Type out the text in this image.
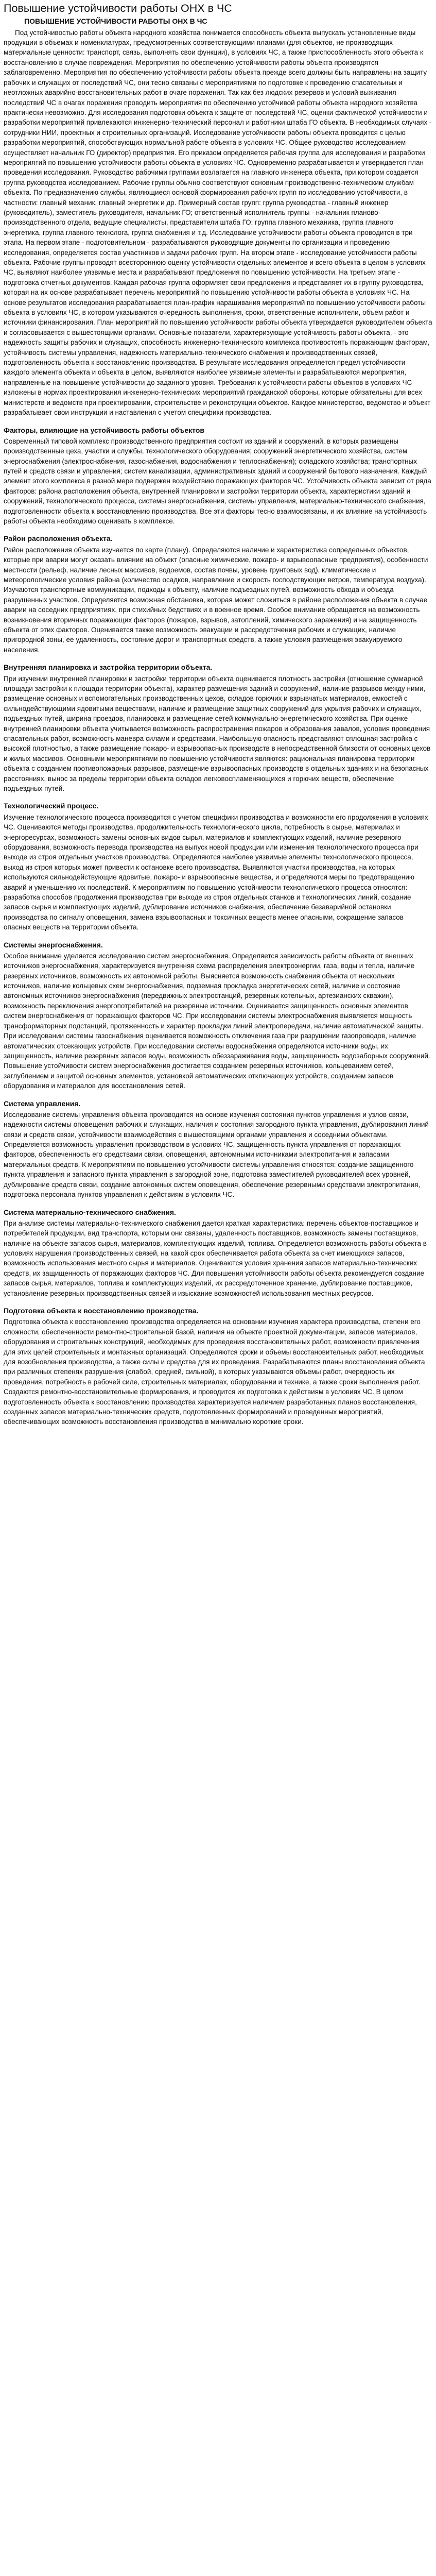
Повышение устойчивости работы ОНХ в ЧС
ПОВЫШЕНИЕ УСТОЙЧИВОСТИ РАБОТЫ ОНХ В ЧС

Под устойчивостью работы объекта народного хозяйства понимается способность объекта выпускать установленные виды продукции в объемах и номенклатурах, предусмотренных соответствующими планами (для объектов, не производящих материальные ценности: транспорт, связь, выполнять свои функции), в условиях ЧС, а также приспособленность этого объекта к восстановлению в случае повреждения. Мероприятия по обеспечению устойчивости работы объекта производятся заблаговременно. Мероприятия по обеспечению устойчивости работы объекта прежде всего должны быть направлены на защиту рабочих и служащих от последствий ЧС, они тесно связаны с мероприятиями по подготовке к проведению спасательных и неотложных аварийно-восстановительных работ в очаге поражения. Так как без людских резервов и условий выживания последствий ЧС в очагах поражения проводить мероприятия по обеспечению устойчивой работы объекта народного хозяйства практически невозможно. Для исследования подготовки объекта к защите от последствий ЧС, оценки фактической устойчивости и разработки мероприятий привлекаются инженерно-технический персонал и работники штаба ГО объекта. В необходимых случаях - сотрудники НИИ, проектных и строительных организаций. Исследование устойчивости работы объекта проводится с целью разработки мероприятий, способствующих нормальной работе объекта в условиях ЧС. Общее руководство исследованием осуществляет начальник ГО (директор) предприятия. Его приказом определяется рабочая группа для исследования и разработки мероприятий по повышению устойчивости работы объекта в условиях ЧС. Одновременно разрабатывается и утверждается план проведения исследования. Руководство рабочими группами возлагается на главного инженера объекта, при котором создается группа руководства исследованием. Рабочие группы обычно соответствуют основным производственно-техническим службам объекта. По предназначению службы, являющиеся основой формирования рабочих групп по исследованию устойчивости, в частности: главный механик, главный энергетик и др. Примерный состав групп: группа руководства - главный инженер (руководитель), заместитель руководителя, начальник ГО; ответственный исполнитель группы - начальник планово-производственного отдела, ведущие специалисты, представители штаба ГО; группа главного механика, группа главного энергетика, группа главного технолога, группа снабжения и т.д. Исследование устойчивости работы объекта проводится в три этапа. На первом этапе - подготовительном - разрабатываются руководящие документы по организации и проведению исследования, определяется состав участников и задачи рабочих групп. На втором этапе - исследование устойчивости работы объекта. Рабочие группы проводят всестороннюю оценку устойчивости отдельных элементов и всего объекта в целом в условиях ЧС, выявляют наиболее уязвимые места и разрабатывают предложения по повышению устойчивости. На третьем этапе - подготовка отчетных документов. Каждая рабочая группа оформляет свои предложения и представляет их в группу руководства, которая на их основе разрабатывает перечень мероприятий по повышению устойчивости работы объекта в условиях ЧС. На основе результатов исследования разрабатывается план-график наращивания мероприятий по повышению устойчивости работы объекта в условиях ЧС, в котором указываются очередность выполнения, сроки, ответственные исполнители, объем работ и источники финансирования. План мероприятий по повышению устойчивости работы объекта утверждается руководителем объекта и согласовывается с вышестоящими органами. Основные показатели, характеризующие устойчивость работы объекта, - это надежность защиты рабочих и служащих, способность инженерно-технического комплекса противостоять поражающим факторам, устойчивость системы управления, надежность материально-технического снабжения и производственных связей, подготовленность объекта к восстановлению производства. В результате исследования определяется предел устойчивости каждого элемента объекта и объекта в целом, выявляются наиболее уязвимые элементы и разрабатываются мероприятия, направленные на повышение устойчивости до заданного уровня. Требования к устойчивости работы объектов в условиях ЧС изложены в нормах проектирования инженерно-технических мероприятий гражданской обороны, которые обязательны для всех министерств и ведомств при проектировании, строительстве и реконструкции объектов. Каждое министерство, ведомство и объект разрабатывает свои инструкции и наставления с учетом специфики производства.

Факторы, влияющие на устойчивость работы объектов

Современный типовой комплекс производственного предприятия состоит из зданий и сооружений, в которых размещены производственные цеха, участки и службы, технологического оборудования; сооружений энергетического хозяйства, систем энергоснабжения (электроснабжения, газоснабжения, водоснабжения и теплоснабжения); складского хозяйства; транспортных путей и средств связи и управления; систем канализации, административных зданий и сооружений бытового назначения. Каждый элемент этого комплекса в разной мере подвержен воздействию поражающих факторов ЧС. Устойчивость объекта зависит от ряда факторов: района расположения объекта, внутренней планировки и застройки территории объекта, характеристики зданий и сооружений, технологического процесса, системы энергоснабжения, системы управления, материально-технического снабжения, подготовленности объекта к восстановлению производства. Все эти факторы тесно взаимосвязаны, и их влияние на устойчивость работы объекта необходимо оценивать в комплексе.

Район расположения объекта.

Район расположения объекта изучается по карте (плану). Определяются наличие и характеристика сопредельных объектов, которые при аварии могут оказать влияние на объект (опасные химические, пожаро- и взрывоопасные предприятия), особенности местности (рельеф, наличие лесных массивов, водоемов, состав почвы, уровень грунтовых вод), климатические и метеорологические условия района (количество осадков, направление и скорость господствующих ветров, температура воздуха). Изучаются транспортные коммуникации, подходы к объекту, наличие подъездных путей, возможность обхода и объезда разрушенных участков. Определяется возможная обстановка, которая может сложиться в районе расположения объекта в случае аварии на соседних предприятиях, при стихийных бедствиях и в военное время. Особое внимание обращается на возможность возникновения вторичных поражающих факторов (пожаров, взрывов, затоплений, химического заражения) и на защищенность объекта от этих факторов. Оценивается также возможность эвакуации и рассредоточения рабочих и служащих, наличие пригородной зоны, ее удаленность, состояние дорог и транспортных средств, а также условия размещения эвакуируемого населения.

Внутренняя планировка и застройка территории объекта.

При изучении внутренней планировки и застройки территории объекта оценивается плотность застройки (отношение суммарной площади застройки к площади территории объекта), характер размещения зданий и сооружений, наличие разрывов между ними, размещение основных и вспомогательных производственных цехов, складов горючих и взрывчатых материалов, емкостей с сильнодействующими ядовитыми веществами, наличие и размещение защитных сооружений для укрытия рабочих и служащих, подъездных путей, ширина проездов, планировка и размещение сетей коммунально-энергетического хозяйства. При оценке внутренней планировки объекта учитывается возможность распространения пожаров и образования завалов, условия проведения спасательных работ, возможность маневра силами и средствами. Наибольшую опасность представляют сплошная застройка с высокой плотностью, а также размещение пожаро- и взрывоопасных производств в непосредственной близости от основных цехов и жилых массивов. Основными мероприятиями по повышению устойчивости являются: рациональная планировка территории объекта с созданием противопожарных разрывов, размещение взрывоопасных производств в отдельных зданиях и на безопасных расстояниях, вынос за пределы территории объекта складов легковоспламеняющихся и горючих веществ, обеспечение подъездных путей.

Технологический процесс.

Изучение технологического процесса производится с учетом специфики производства и возможности его продолжения в условиях ЧС. Оцениваются методы производства, продолжительность технологического цикла, потребность в сырье, материалах и энергоресурсах, возможность замены основных видов сырья, материалов и комплектующих изделий, наличие резервного оборудования, возможность перевода производства на выпуск новой продукции или изменения технологического процесса при выходе из строя отдельных участков производства. Определяются наиболее уязвимые элементы технологического процесса, выход из строя которых может привести к остановке всего производства. Выявляются участки производства, на которых используются сильнодействующие ядовитые, пожаро- и взрывоопасные вещества, и определяются меры по предотвращению аварий и уменьшению их последствий. К мероприятиям по повышению устойчивости технологического процесса относятся: разработка способов продолжения производства при выходе из строя отдельных станков и технологических линий, создание запасов сырья и комплектующих изделий, дублирование источников снабжения, обеспечение безаварийной остановки производства по сигналу оповещения, замена взрывоопасных и токсичных веществ менее опасными, сокращение запасов опасных веществ на территории объекта.

Системы энергоснабжения.

Особое внимание уделяется исследованию систем энергоснабжения. Определяется зависимость работы объекта от внешних источников энергоснабжения, характеризуется внутренняя схема распределения электроэнергии, газа, воды и тепла, наличие резервных источников, возможность их автономной работы. Выясняется возможность снабжения объекта от нескольких источников, наличие кольцевых схем энергоснабжения, подземная прокладка энергетических сетей, наличие и состояние автономных источников энергоснабжения (передвижных электростанций, резервных котельных, артезианских скважин), возможность переключения энергопотребителей на резервные источники. Оценивается защищенность основных элементов систем энергоснабжения от поражающих факторов ЧС. При исследовании системы электроснабжения выявляется мощность трансформаторных подстанций, протяженность и характер прокладки линий электропередачи, наличие автоматической защиты. При исследовании системы газоснабжения оценивается возможность отключения газа при разрушении газопроводов, наличие автоматических отсекающих устройств. При исследовании системы водоснабжения определяются источники воды, их защищенность, наличие резервных запасов воды, возможность обеззараживания воды, защищенность водозаборных сооружений. Повышение устойчивости систем энергоснабжения достигается созданием резервных источников, кольцеванием сетей, заглублением и защитой основных элементов, установкой автоматических отключающих устройств, созданием запасов оборудования и материалов для восстановления сетей.

Система управления.

Исследование системы управления объекта производится на основе изучения состояния пунктов управления и узлов связи, надежности системы оповещения рабочих и служащих, наличия и состояния загородного пункта управления, дублирования линий связи и средств связи, устойчивости взаимодействия с вышестоящими органами управления и соседними объектами. Определяется возможность управления производством в условиях ЧС, защищенность пункта управления от поражающих факторов, обеспеченность его средствами связи, оповещения, автономными источниками электропитания и запасами материальных средств. К мероприятиям по повышению устойчивости системы управления относятся: создание защищенного пункта управления и запасного пункта управления в загородной зоне, подготовка заместителей руководителей всех уровней, дублирование средств связи, создание автономных систем оповещения, обеспечение резервными средствами электропитания, подготовка персонала пунктов управления к действиям в условиях ЧС.

Система материально-технического снабжения.

При анализе системы материально-технического снабжения дается краткая характеристика: перечень объектов-поставщиков и потребителей продукции, вид транспорта, которым они связаны, удаленность поставщиков, возможность замены поставщиков, наличие на объекте запасов сырья, материалов, комплектующих изделий, топлива. Определяется возможность работы объекта в условиях нарушения производственных связей, на какой срок обеспечивается работа объекта за счет имеющихся запасов, возможность использования местного сырья и материалов. Оцениваются условия хранения запасов материально-технических средств, их защищенность от поражающих факторов ЧС. Для повышения устойчивости работы объекта рекомендуется создание запасов сырья, материалов, топлива и комплектующих изделий, их рассредоточенное хранение, дублирование поставщиков, установление резервных производственных связей и изыскание возможностей использования местных ресурсов.

Подготовка объекта к восстановлению производства.

Подготовка объекта к восстановлению производства определяется на основании изучения характера производства, степени его сложности, обеспеченности ремонтно-строительной базой, наличия на объекте проектной документации, запасов материалов, оборудования и строительных конструкций, необходимых для проведения восстановительных работ, возможности привлечения для этих целей строительных и монтажных организаций. Определяются сроки и объемы восстановительных работ, необходимых для возобновления производства, а также силы и средства для их проведения. Разрабатываются планы восстановления объекта при различных степенях разрушения (слабой, средней, сильной), в которых указываются объемы работ, очередность их проведения, потребность в рабочей силе, строительных материалах, оборудовании и технике, а также сроки выполнения работ. Создаются ремонтно-восстановительные формирования, и проводится их подготовка к действиям в условиях ЧС. В целом подготовленность объекта к восстановлению производства характеризуется наличием разработанных планов восстановления, созданных запасов материально-технических средств, подготовленных формирований и проведенных мероприятий, обеспечивающих возможность восстановления производства в минимально короткие сроки.
